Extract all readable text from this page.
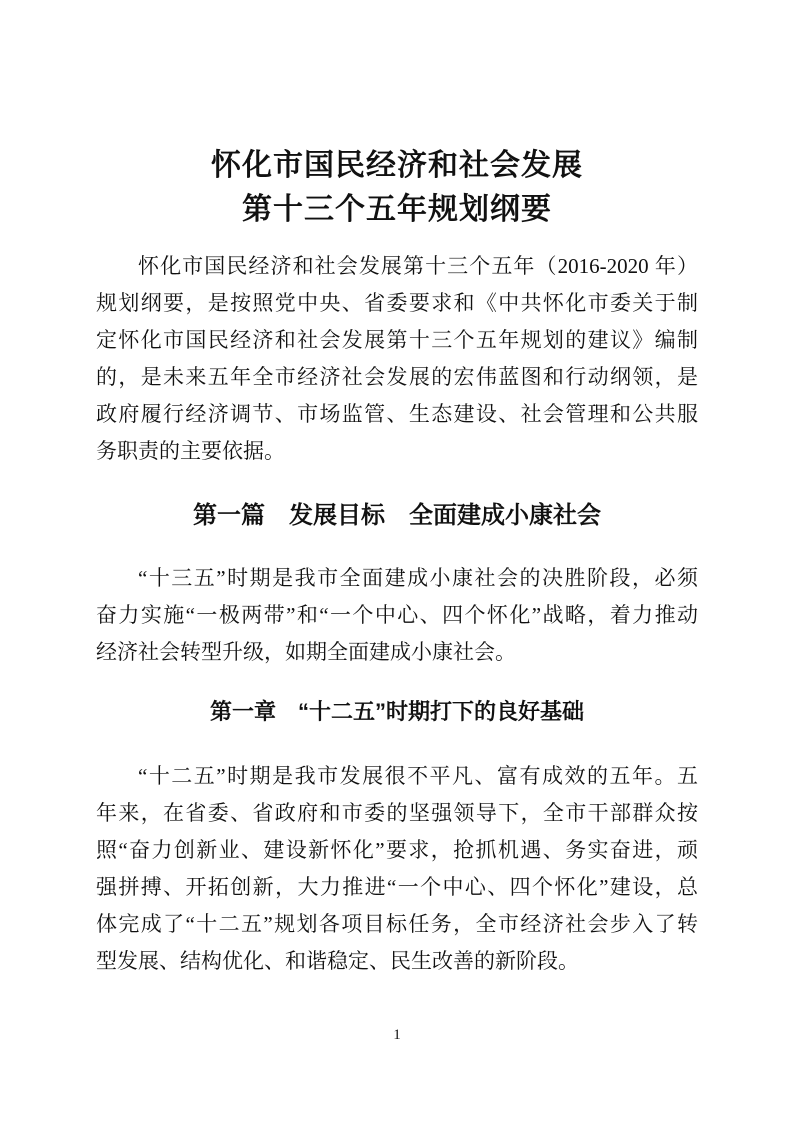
怀化市国民经济和社会发展
第十三个五年规划纲要
怀化市国民经济和社会发展第十三个五年（2016-2020 年）
规划纲要，是按照党中央、省委要求和《中共怀化市委关于制
定怀化市国民经济和社会发展第十三个五年规划的建议》编制
的，是未来五年全市经济社会发展的宏伟蓝图和行动纲领，是
政府履行经济调节、市场监管、生态建设、社会管理和公共服
务职责的主要依据。
第一篇　发展目标　全面建成小康社会
“十三五”时期是我市全面建成小康社会的决胜阶段，必须
奋力实施“一极两带”和“一个中心、四个怀化”战略，着力推动
经济社会转型升级，如期全面建成小康社会。
第一章　“十二五”时期打下的良好基础
“十二五”时期是我市发展很不平凡、富有成效的五年。五
年来，在省委、省政府和市委的坚强领导下，全市干部群众按
照“奋力创新业、建设新怀化”要求，抢抓机遇、务实奋进，顽
强拼搏、开拓创新，大力推进“一个中心、四个怀化”建设，总
体完成了“十二五”规划各项目标任务，全市经济社会步入了转
型发展、结构优化、和谐稳定、民生改善的新阶段。
1
